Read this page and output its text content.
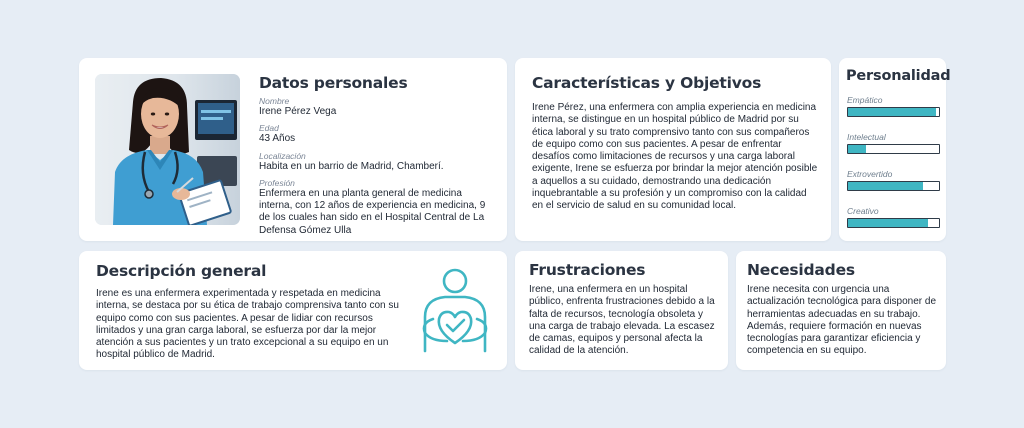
Datos personales
Nombre
Irene Pérez Vega
Edad
43 Años
Localización
Habita en un barrio de Madrid, Chamberí.
Profesión
Enfermera en una planta general de medicina interna, con 12 años de experiencia en medicina, 9 de los cuales han sido en el Hospital Central de La Defensa Gómez Ulla
Características y Objetivos
Irene Pérez, una enfermera con amplia experiencia en medicina interna, se distingue en un hospital público de Madrid por su ética laboral y su trato comprensivo tanto con sus compañeros de equipo como con sus pacientes. A pesar de enfrentar desafíos como limitaciones de recursos y una carga laboral exigente, Irene se esfuerza por brindar la mejor atención posible a aquellos a su cuidado, demostrando una dedicación inquebrantable a su profesión y un compromiso con la calidad en el servicio de salud en su comunidad local.
Personalidad
Empático
Intelectual
Extrovertido
Creativo
Descripción general
Irene es una enfermera experimentada y respetada en medicina interna, se destaca por su ética de trabajo comprensiva tanto con su equipo como con sus pacientes. A pesar de lidiar con recursos limitados y una gran carga laboral, se esfuerza por dar la mejor atención a sus pacientes y un trato excepcional a su equipo en un hospital público de Madrid.
Frustraciones
Irene, una enfermera en un hospital público, enfrenta frustraciones debido a la falta de recursos, tecnología obsoleta y una carga de trabajo elevada. La escasez de camas, equipos y personal afecta la calidad de la atención.
Necesidades
Irene necesita con urgencia una actualización tecnológica para disponer de herramientas adecuadas en su trabajo. Además, requiere formación en nuevas tecnologías para garantizar eficiencia y competencia en su equipo.
